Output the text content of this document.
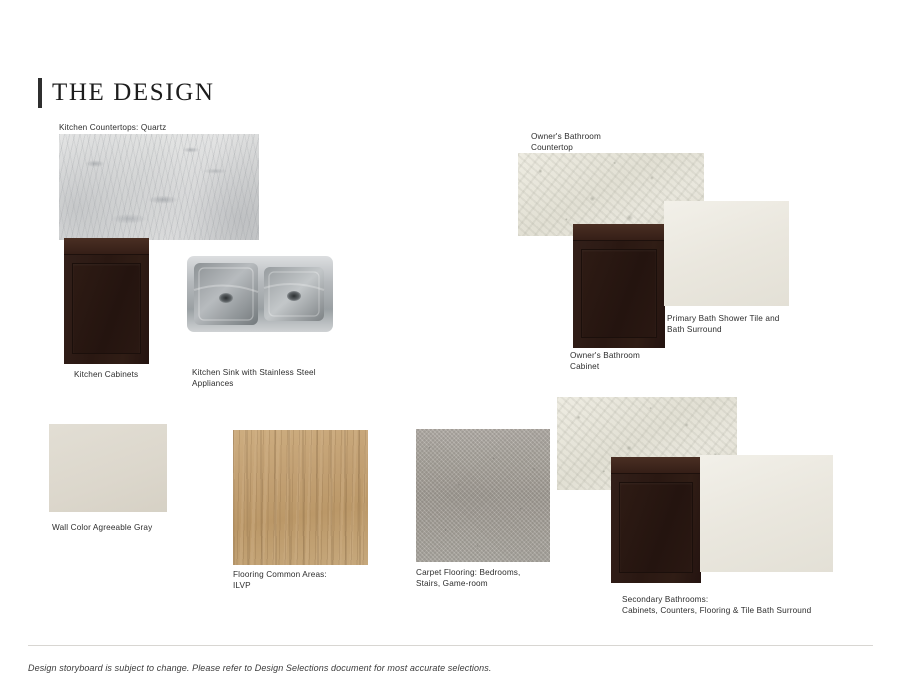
THE DESIGN
Kitchen Countertops: Quartz
Kitchen Cabinets	Kitchen Sink with Stainless Steel
Appliances
Owner's Bathroom
Countertop
Owner's Bathroom
Cabinet
Primary Bath Shower Tile and
Bath Surround
Wall Color Agreeable Gray
Flooring Common Areas:
ILVP
Carpet Flooring: Bedrooms,
Stairs, Game-room
Secondary Bathrooms:
Cabinets, Counters, Flooring & Tile Bath Surround
Design storyboard is subject to change. Please refer to Design Selections document for most accurate selections.
